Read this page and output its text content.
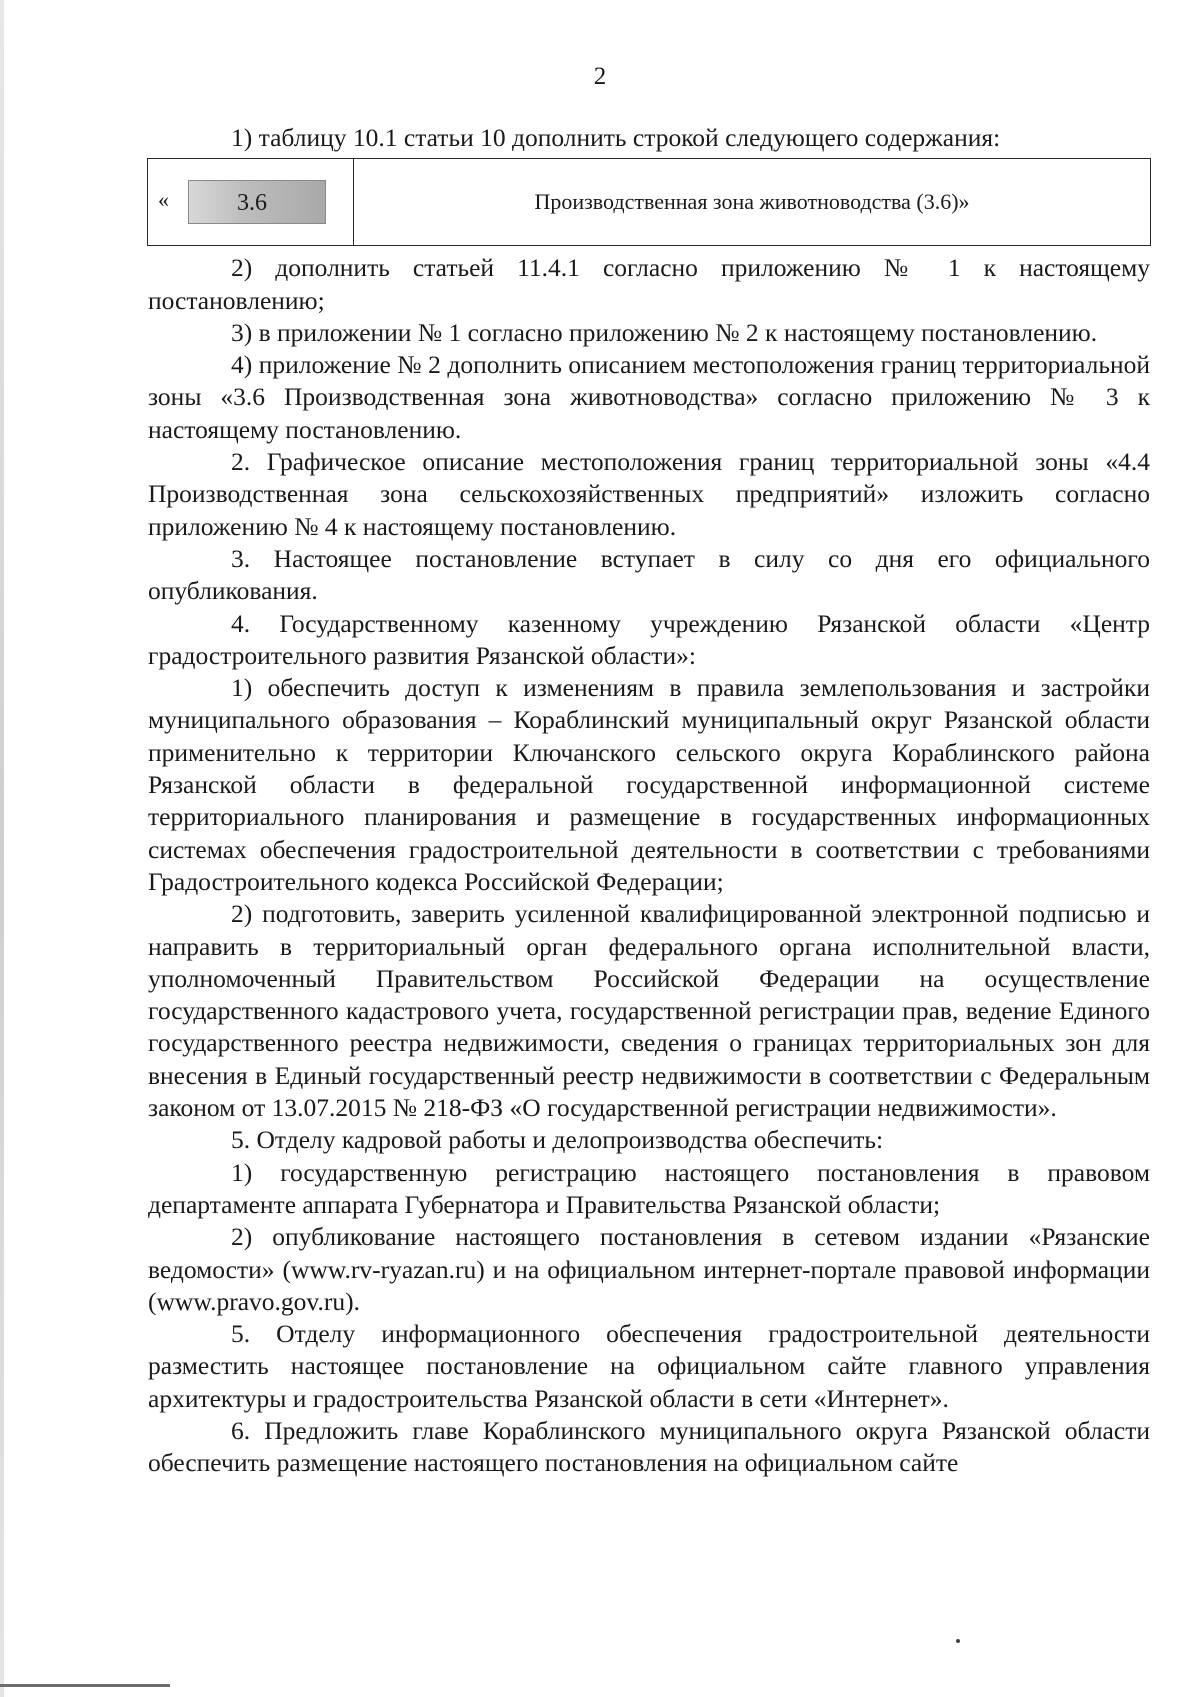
2

1) таблицу 10.1 статьи 10 дополнить строкой следующего содержания:

«	3.6	Производственная зона животноводства (3.6)»

2) дополнить статьей 11.4.1 согласно приложению № 1 к настоящему постановлению;

3) в приложении № 1 согласно приложению № 2 к настоящему постановлению.

4) приложение № 2 дополнить описанием местоположения границ территориальной зоны «3.6 Производственная зона животноводства» согласно приложению № 3 к настоящему постановлению.

2. Графическое описание местоположения границ территориальной зоны «4.4 Производственная зона сельскохозяйственных предприятий» изложить согласно приложению № 4 к настоящему постановлению.

3. Настоящее постановление вступает в силу со дня его официального опубликования.

4. Государственному казенному учреждению Рязанской области «Центр градостроительного развития Рязанской области»:

1) обеспечить доступ к изменениям в правила землепользования и застройки муниципального образования – Кораблинский муниципальный округ Рязанской области применительно к территории Ключанского сельского округа Кораблинского района Рязанской области в федеральной государственной информационной системе территориального планирования и размещение в государственных информационных системах обеспечения градостроительной деятельности в соответствии с требованиями Градостроительного кодекса Российской Федерации;

2) подготовить, заверить усиленной квалифицированной электронной подписью и направить в территориальный орган федерального органа исполнительной власти, уполномоченный Правительством Российской Федерации на осуществление государственного кадастрового учета, государственной регистрации прав, ведение Единого государственного реестра недвижимости, сведения о границах территориальных зон для внесения в Единый государственный реестр недвижимости в соответствии с Федеральным законом от 13.07.2015 № 218-ФЗ «О государственной регистрации недвижимости».

5. Отделу кадровой работы и делопроизводства обеспечить:

1) государственную регистрацию настоящего постановления в правовом департаменте аппарата Губернатора и Правительства Рязанской области;

2) опубликование настоящего постановления в сетевом издании «Рязанские ведомости» (www.rv-ryazan.ru) и на официальном интернет-портале правовой информации (www.pravo.gov.ru).

5. Отделу информационного обеспечения градостроительной деятельности разместить настоящее постановление на официальном сайте главного управления архитектуры и градостроительства Рязанской области в сети «Интернет».

6. Предложить главе Кораблинского муниципального округа Рязанской области обеспечить размещение настоящего постановления на официальном сайте
